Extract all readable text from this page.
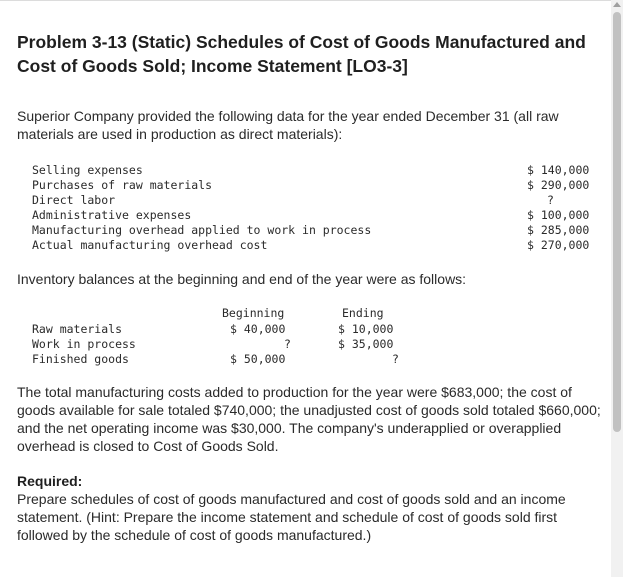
Problem 3-13 (Static) Schedules of Cost of Goods Manufactured and Cost of Goods Sold; Income Statement [LO3-3]
Superior Company provided the following data for the year ended December 31 (all raw materials are used in production as direct materials):
Selling expenses	$ 140,000
Purchases of raw materials	$ 290,000
Direct labor	?
Administrative expenses	$ 100,000
Manufacturing overhead applied to work in process	$ 285,000
Actual manufacturing overhead cost	$ 270,000
Inventory balances at the beginning and end of the year were as follows:
Beginning	Ending
Raw materials	$ 40,000	$ 10,000
Work in process	?	$ 35,000
Finished goods	$ 50,000	?
The total manufacturing costs added to production for the year were $683,000; the cost of goods available for sale totaled $740,000; the unadjusted cost of goods sold totaled $660,000; and the net operating income was $30,000. The company's underapplied or overapplied overhead is closed to Cost of Goods Sold.
Required:
Prepare schedules of cost of goods manufactured and cost of goods sold and an income statement. (Hint: Prepare the income statement and schedule of cost of goods sold first followed by the schedule of cost of goods manufactured.)
